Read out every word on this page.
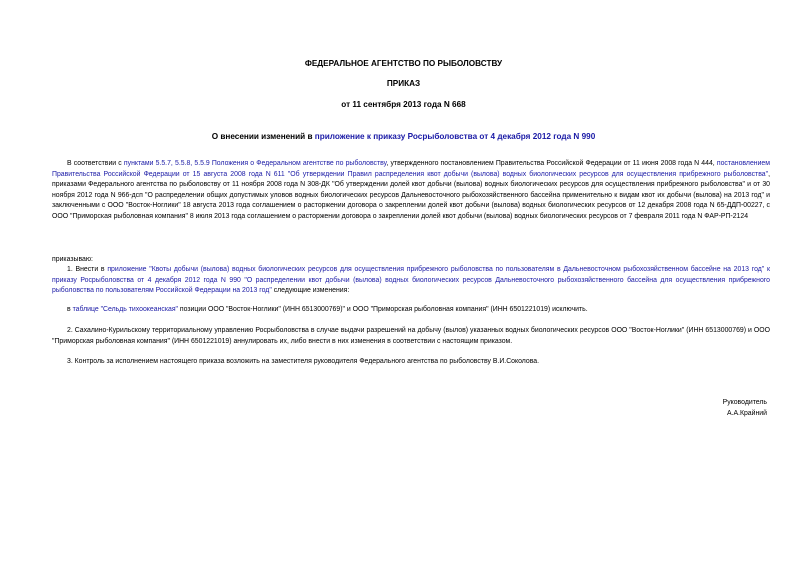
ФЕДЕРАЛЬНОЕ АГЕНТСТВО ПО РЫБОЛОВСТВУ
ПРИКАЗ
от 11 сентября 2013 года N 668
О внесении изменений в приложение к приказу Росрыболовства от 4 декабря 2012 года N 990
В соответствии с пунктами 5.5.7, 5.5.8, 5.5.9 Положения о Федеральном агентстве по рыболовству, утвержденного постановлением Правительства Российской Федерации от 11 июня 2008 года N 444, постановлением Правительства Российской Федерации от 15 августа 2008 года N 611 "Об утверждении Правил распределения квот добычи (вылова) водных биологических ресурсов для осуществления прибрежного рыболовства", приказами Федерального агентства по рыболовству от 11 ноября 2008 года N 308-ДК "Об утверждении долей квот добычи (вылова) водных биологических ресурсов для осуществления прибрежного рыболовства" и от 30 ноября 2012 года N 966-дсп "О распределении общих допустимых уловов водных биологических ресурсов Дальневосточного рыбохозяйственного бассейна применительно к видам квот их добычи (вылова) на 2013 год" и заключенными с ООО "Восток-Ноглики" 18 августа 2013 года соглашением о расторжении договора о закреплении долей квот добычи (вылова) водных биологических ресурсов от 12 декабря 2008 года N 65-ДДП-00227, с ООО "Приморская рыболовная компания" 8 июля 2013 года соглашением о расторжении договора о закреплении долей квот добычи (вылова) водных биологических ресурсов от 7 февраля 2011 года N ФАР-РП-2124
приказываю:
1. Внести в приложение "Квоты добычи (вылова) водных биологических ресурсов для осуществления прибрежного рыболовства по пользователям в Дальневосточном рыбохозяйственном бассейне на 2013 год" к приказу Росрыболовства от 4 декабря 2012 года N 990 "О распределении квот добычи (вылова) водных биологических ресурсов Дальневосточного рыбохозяйственного бассейна для осуществления прибрежного рыболовства по пользователям Российской Федерации на 2013 год" следующие изменения:
в таблице "Сельдь тихоокеанская" позиции ООО "Восток-Ноглики" (ИНН 6513000769)" и ООО "Приморская рыболовная компания" (ИНН 6501221019) исключить.
2. Сахалино-Курильскому территориальному управлению Росрыболовства в случае выдачи разрешений на добычу (вылов) указанных водных биологических ресурсов ООО "Восток-Ноглики" (ИНН 6513000769) и ООО "Приморская рыболовная компания" (ИНН 6501221019) аннулировать их, либо внести в них изменения в соответствии с настоящим приказом.
3. Контроль за исполнением настоящего приказа возложить на заместителя руководителя Федерального агентства по рыболовству В.И.Соколова.
Руководитель
А.А.Крайний
